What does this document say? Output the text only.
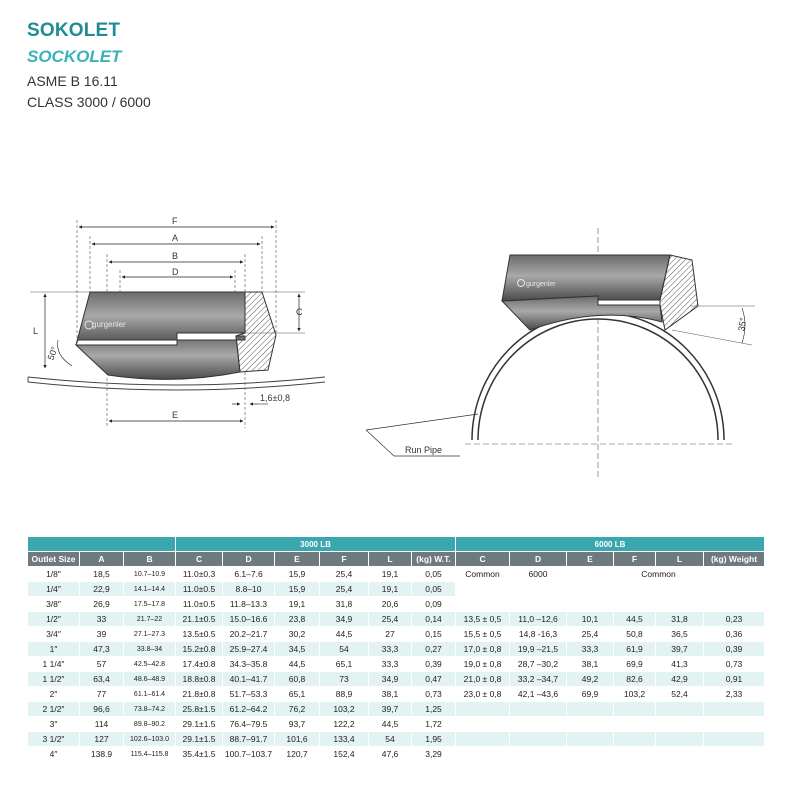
SOKOLET
SOCKOLET
ASME B 16.11
CLASS 3000 / 6000
gurgenler
F
A
B
D
C
L
50°
E
1,6±0,8
gurgenler
35°
Run Pipe
			3000 LB						6000 LB					
Outlet Size	A	B	C	D	E	F	L	(kg) W.T.	C	D	E	F	L	(kg) Weight
1/8″	18,5	10.7–10.9	11.0±0.3	6.1–7.6	15,9	25,4	19,1	0,05	Common	6000		Common		
1/4″	22,9	14.1–14.4	11.0±0.5	8.8–10	15,9	25,4	19,1	0,05						
3/8″	26,9	17.5–17.8	11.0±0.5	11.8–13.3	19,1	31,8	20,6	0,09						
1/2″	33	21.7–22	21.1±0.5	15.0–16.6	23,8	34,9	25,4	0,14	13,5 ± 0,5	11,0 –12,6	10,1	44,5	31,8	0,23
3/4″	39	27.1–27.3	13.5±0.5	20.2–21.7	30,2	44,5	27	0,15	15,5 ± 0,5	14,8 -16,3	25,4	50,8	36,5	0,36
1″	47,3	33.8–34	15.2±0.8	25.9–27.4	34,5	54	33,3	0,27	17,0 ± 0,8	19,9 –21,5	33,3	61,9	39,7	0,39
1 1/4″	57	42.5–42.8	17.4±0.8	34.3–35.8	44,5	65,1	33,3	0,39	19,0 ± 0,8	28,7 –30,2	38,1	69,9	41,3	0,73
1 1/2″	63,4	48.6–48.9	18.8±0.8	40.1–41.7	60,8	73	34,9	0,47	21,0 ± 0,8	33,2 –34,7	49,2	82,6	42,9	0,91
2″	77	61.1–61.4	21.8±0.8	51.7–53.3	65,1	88,9	38,1	0,73	23,0 ± 0,8	42,1 –43,6	69,9	103,2	52,4	2,33
2 1/2″	96,6	73.8–74.2	25.8±1.5	61.2–64.2	76,2	103,2	39,7	1,25						
3″	114	89.8–90.2	29.1±1.5	76.4–79.5	93,7	122,2	44,5	1,72						
3 1/2″	127	102.6–103.0	29.1±1.5	88.7–91.7	101,6	133,4	54	1,95						
4″	138.9	115.4–115.8	35.4±1.5	100.7–103.7	120,7	152,4	47,6	3,29						
